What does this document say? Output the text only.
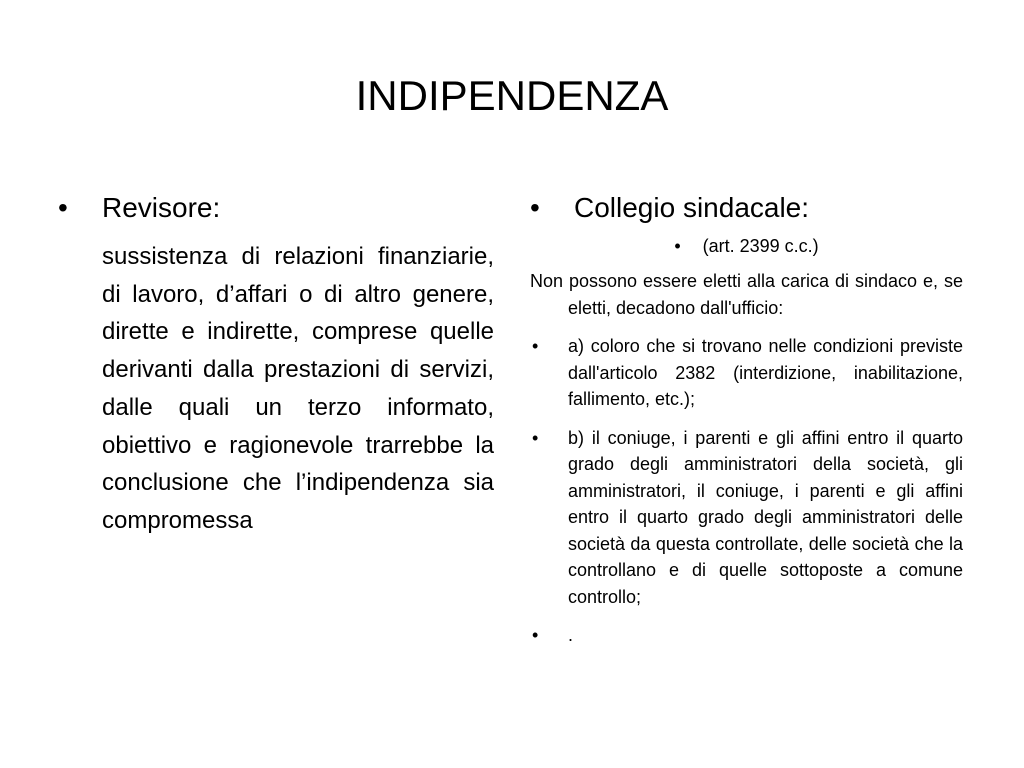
INDIPENDENZA
• Revisore:
sussistenza di relazioni finanziarie, di lavoro, d’affari o di altro genere, dirette e indirette, comprese quelle derivanti dalla prestazioni di servizi, dalle quali un terzo informato, obiettivo e ragionevole trarrebbe la conclusione che l’indipendenza sia compromessa
• Collegio sindacale:
• (art. 2399 c.c.)
Non possono essere eletti alla carica di sindaco e, se eletti, decadono dall'ufficio:
• a) coloro che si trovano nelle condizioni previste dall'articolo 2382 (interdizione, inabilitazione, fallimento, etc.);
• b) il coniuge, i parenti e gli affini entro il quarto grado degli amministratori della società, gli amministratori, il coniuge, i parenti e gli affini entro il quarto grado degli amministratori delle società da questa controllate, delle società che la controllano e di quelle sottoposte a comune controllo;
• .
